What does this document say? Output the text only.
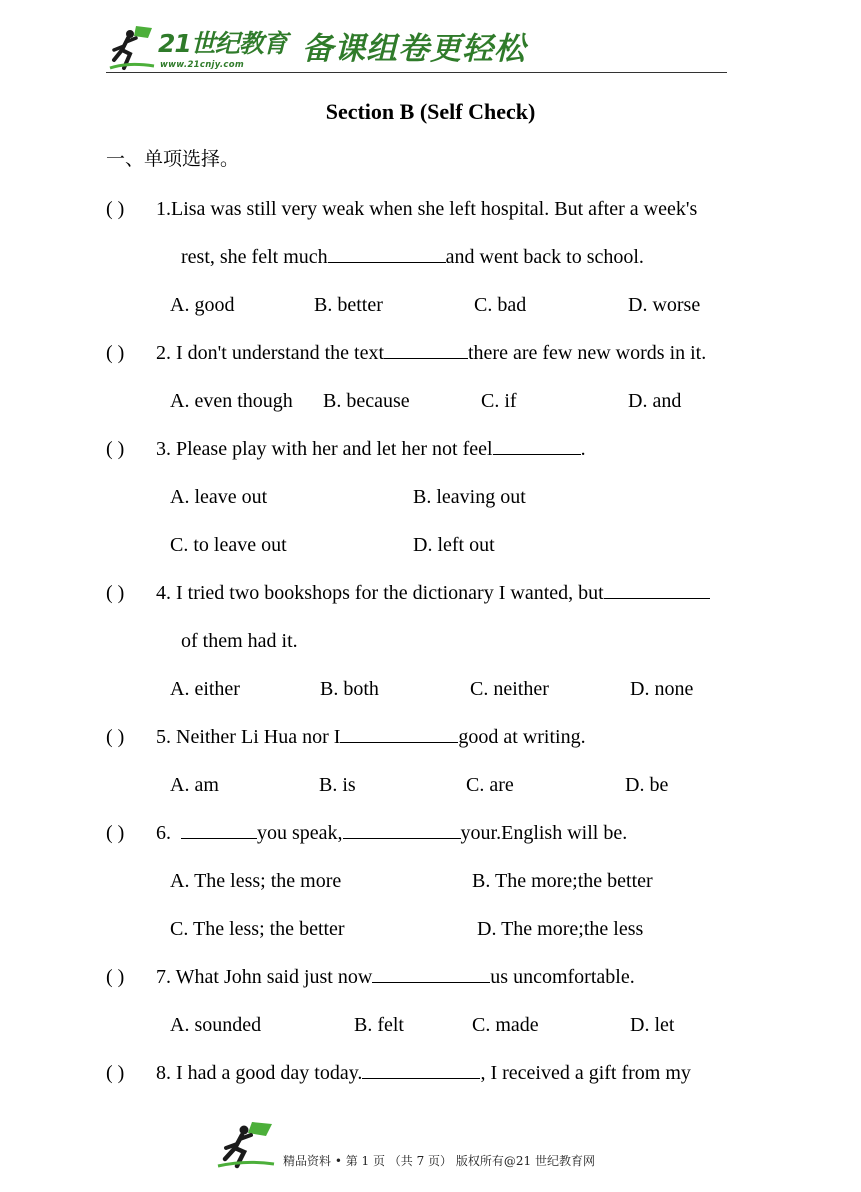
21世纪教育
www.21cnjy.com 备课组卷更轻松
Section B (Self Check)
一、单项选择。
( ) 1.Lisa was still very weak when she left hospital. But after a week's
rest, she felt much	and went back to school.
A. good	B. better	C. bad	D. worse
( ) 2. I don't understand the text	there are few new words in it.
A. even though B. because	C. if	D. and
( ) 3. Please play with her and let her not feel	.
A. leave out	B. leaving out
C. to leave out	D. left out
( ) 4. I tried two bookshops for the dictionary I wanted, but
of them had it.
A. either	B. both	C. neither	D. none
( ) 5. Neither Li Hua nor I	good at writing.
A. am	B. is	C. are	D. be
( ) 6.	you speak,	your.English will be.
A. The less; the more	B. The more;the better
C. The less; the better	D. The more;the less
( ) 7. What John said just now	us uncomfortable.
A. sounded	B. felt	C. made	D. let
( ) 8. I had a good day today.	, I received a gift from my
精品资料 • 第 1 页 （共 7 页） 版权所有@21 世纪教育网
